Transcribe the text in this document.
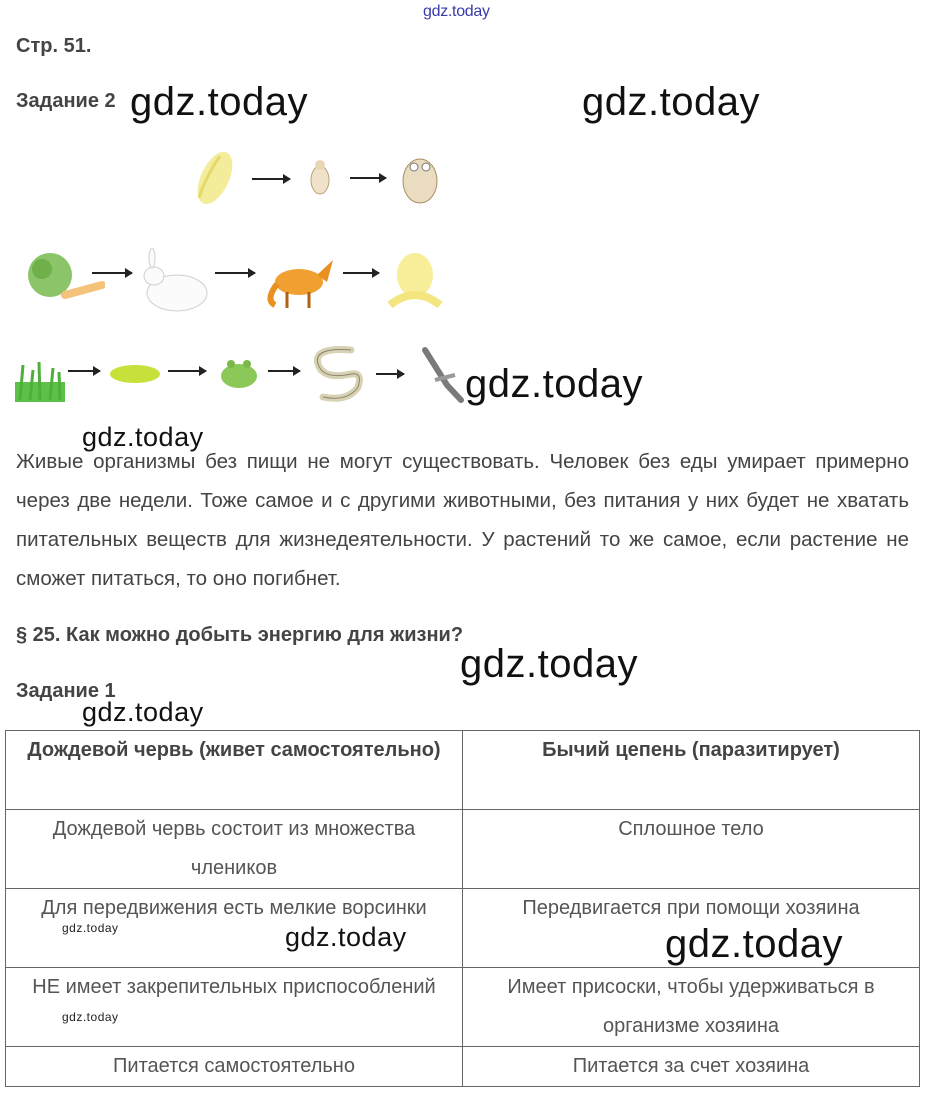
gdz.today
Стр. 51.
Задание 2 gdz.today	gdz.today
gdz.today
gdz.today
gdz.today
gdz.today
gdz.today	gdz.today
gdz.today
gdz.today
Живые организмы без пищи не могут существовать. Человек без еды умирает примерно через две недели. Тоже самое и с другими животными, без питания у них будет не хватать питательных веществ для жизнедеятельности. У растений то же самое, если растение не сможет питаться, то оно погибнет.
§ 25. Как можно добыть энергию для жизни?
Задание 1
Дождевой червь (живет самостоятельно)	Бычий цепень (паразитирует)
Дождевой червь состоит из множества члеников	Сплошное тело
Для передвижения есть мелкие ворсинки	Передвигается при помощи хозяина
НЕ имеет закрепительных приспособлений	Имеет присоски, чтобы удерживаться в организме хозяина
Питается самостоятельно	Питается за счет хозяина
